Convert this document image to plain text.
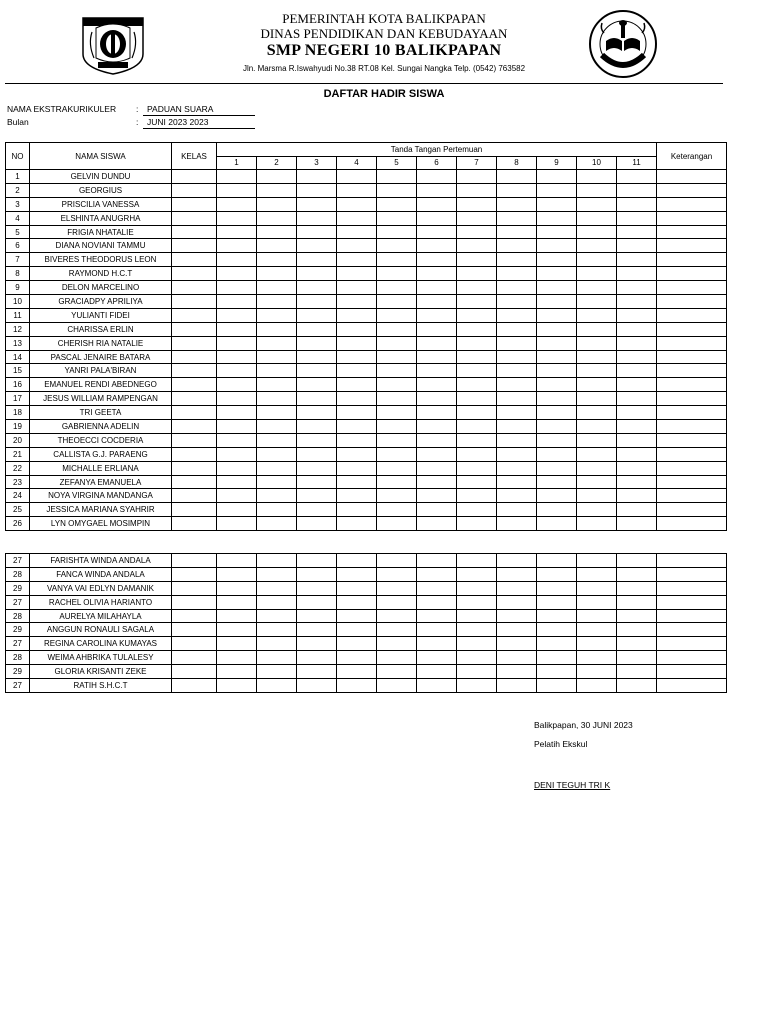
PEMERINTAH KOTA BALIKPAPAN
DINAS PENDIDIKAN DAN KEBUDAYAAN
SMP NEGERI 10 BALIKPAPAN
Jln. Marsma R.Iswahyudi No.38 RT.08 Kel. Sungai Nangka Telp. (0542) 763582
DAFTAR HADIR SISWA
NAMA EKSTRAKURIKULER : PADUAN SUARA
Bulan	: JUNI 2023 2023
NO	NAMA SISWA	KELAS	Tanda Tangan Pertemuan											Keterangan
			1	2	3	4	5	6	7	8	9	10	11	
1	GELVIN DUNDU													
2	GEORGIUS													
3	PRISCILIA VANESSA													
4	ELSHINTA ANUGRHA													
5	FRIGIA NHATALIE													
6	DIANA NOVIANI TAMMU													
7	BIVERES THEODORUS LEON													
8	RAYMOND H.C.T													
9	DELON MARCELINO													
10	GRACIADPY APRILIYA													
11	YULIANTI FIDEI													
12	CHARISSA ERLIN													
13	CHERISH RIA NATALIE													
14	PASCAL JENAIRE BATARA													
15	YANRI PALA'BIRAN													
16	EMANUEL RENDI ABEDNEGO													
17	JESUS WILLIAM RAMPENGAN													
18	TRI GEETA													
19	GABRIENNA ADELIN													
20	THEOECCI COCDERIA													
21	CALLISTA G.J. PARAENG													
22	MICHALLE ERLIANA													
23	ZEFANYA EMANUELA													
24	NOYA VIRGINA MANDANGA													
25	JESSICA MARIANA SYAHRIR													
26	LYN OMYGAEL MOSIMPIN													
27	FARISHTA WINDA ANDALA													
28	FANCA WINDA ANDALA													
29	VANYA VAI EDLYN DAMANIK													
27	RACHEL OLIVIA HARIANTO													
28	AURELYA MILAHAYLA													
29	ANGGUN RONAULI SAGALA													
27	REGINA CAROLINA KUMAYAS													
28	WEIMA AHBRIKA TULALESY													
29	GLORIA KRISANTI ZEKE													
27	RATIH S.H.C.T													
Balikpapan, 30 JUNI 2023
Pelatih Ekskul
DENI TEGUH TRI K
